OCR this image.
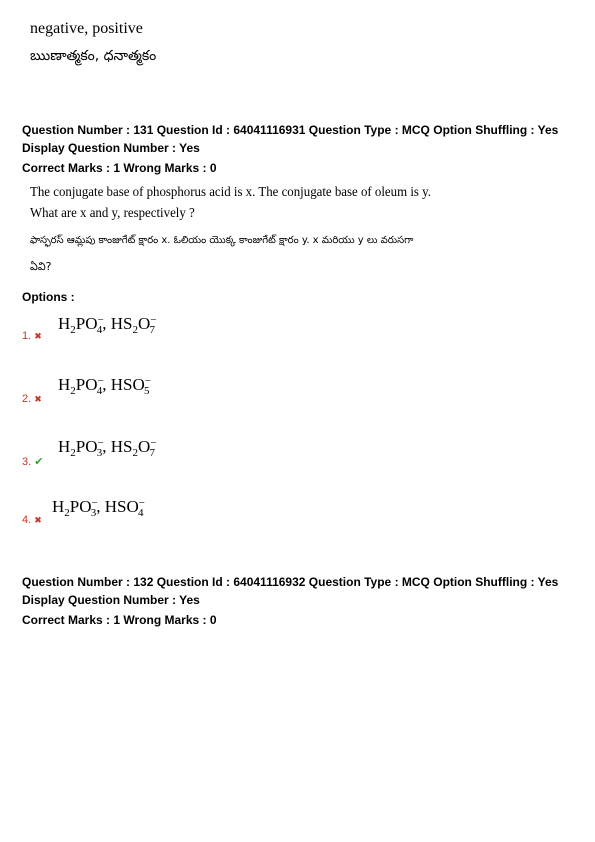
negative, positive
ఋణాత్మకం, ధనాత్మకం
Question Number : 131 Question Id : 64041116931 Question Type : MCQ Option Shuffling : Yes
Display Question Number : Yes
Correct Marks : 1 Wrong Marks : 0
The conjugate base of phosphorus acid is x. The conjugate base of oleum is y.
What are x and y, respectively ?
ఫాస్ఫరస్ ఆమ్లపు కాంజుగేట్ క్షారం x. ఓలియం యొక్క కాంజుగేట్ క్షారం y. x మరియు y లు వరుసగా
ఏవి?
Options :
$H_2PO^-_4$, $HS_2O^-_7$
1. ✖
$H_2PO^-_4$, $HSO^-_5$
2. ✖
$H_2PO^-_3$, $HS_2O^-_7$
3. ✔
$H_2PO^-_3$, $HSO^-_4$
4. ✖
Question Number : 132 Question Id : 64041116932 Question Type : MCQ Option Shuffling : Yes
Display Question Number : Yes
Correct Marks : 1 Wrong Marks : 0
